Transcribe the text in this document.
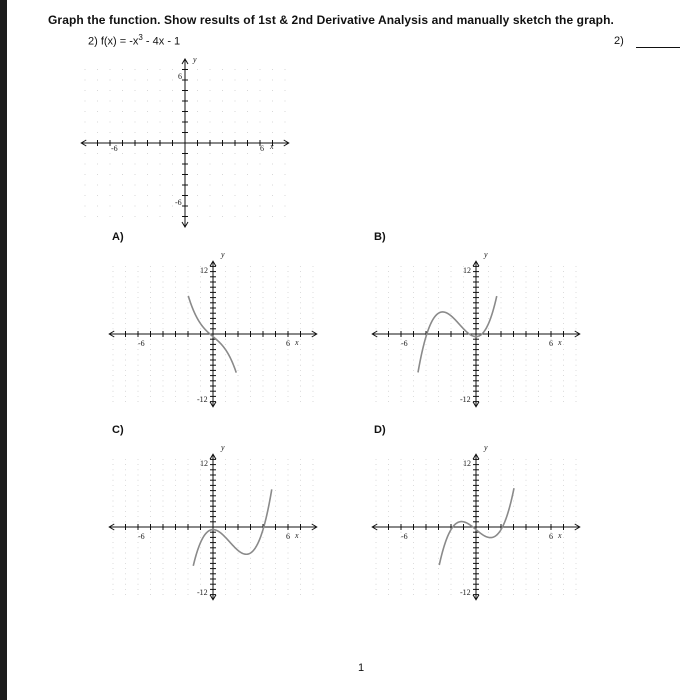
Graph the function. Show results of 1st & 2nd Derivative Analysis and manually sketch the graph.
2) $f(x) = -x^3 - 4x - 1$	2)
y
x
6
-6
-6	6
A)	B)
C)	D)
y
x
12
-12
-6	6
y
x
12
-12
-6	6
y
x
12
-12
-6	6
y
x
12
-12
-6	6
1
